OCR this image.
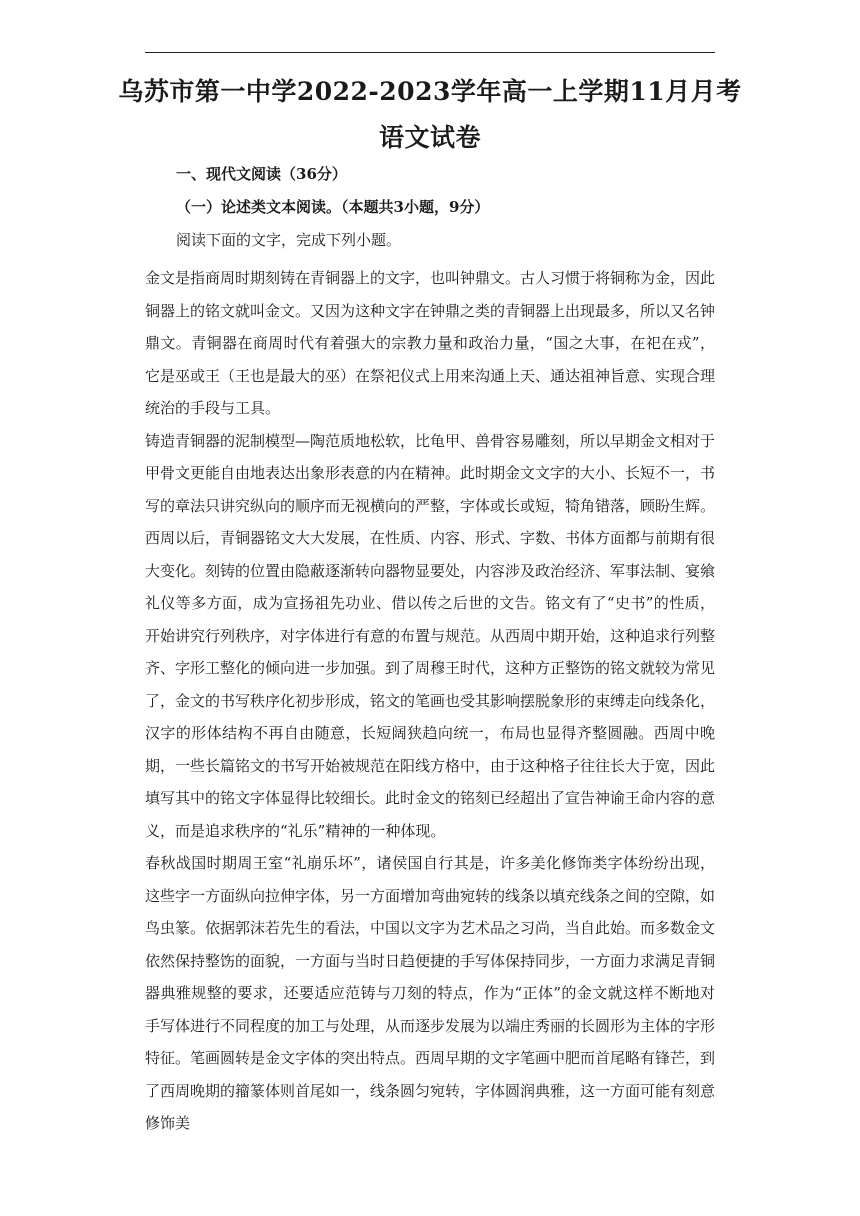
乌苏市第一中学2022-2023学年高一上学期11月月考
语文试卷

一、现代文阅读（36分）

（一）论述类文本阅读。（本题共3小题，9分）

阅读下面的文字，完成下列小题。

金文是指商周时期刻铸在青铜器上的文字，也叫钟鼎文。古人习惯于将铜称为金，因此铜器上的铭文就叫金文。又因为这种文字在钟鼎之类的青铜器上出现最多，所以又名钟鼎文。青铜器在商周时代有着强大的宗教力量和政治力量，“国之大事，在祀在戎”，它是巫或王（王也是最大的巫）在祭祀仪式上用来沟通上天、通达祖神旨意、实现合理统治的手段与工具。

铸造青铜器的泥制模型—陶范质地松软，比龟甲、兽骨容易雕刻，所以早期金文相对于甲骨文更能自由地表达出象形表意的内在精神。此时期金文文字的大小、长短不一，书写的章法只讲究纵向的顺序而无视横向的严整，字体或长或短，犄角错落，顾盼生辉。西周以后，青铜器铭文大大发展，在性质、内容、形式、字数、书体方面都与前期有很大变化。刻铸的位置由隐蔽逐渐转向器物显要处，内容涉及政治经济、军事法制、宴飨礼仪等多方面，成为宣扬祖先功业、借以传之后世的文告。铭文有了“史书”的性质，开始讲究行列秩序，对字体进行有意的布置与规范。从西周中期开始，这种追求行列整齐、字形工整化的倾向进一步加强。到了周穆王时代，这种方正整饬的铭文就较为常见了，金文的书写秩序化初步形成，铭文的笔画也受其影响摆脱象形的束缚走向线条化，汉字的形体结构不再自由随意，长短阔狭趋向统一，布局也显得齐整圆融。西周中晚期，一些长篇铭文的书写开始被规范在阳线方格中，由于这种格子往往长大于宽，因此填写其中的铭文字体显得比较细长。此时金文的铭刻已经超出了宣告神谕王命内容的意义，而是追求秩序的“礼乐”精神的一种体现。

春秋战国时期周王室“礼崩乐坏”，诸侯国自行其是，许多美化修饰类字体纷纷出现，这些字一方面纵向拉伸字体，另一方面增加弯曲宛转的线条以填充线条之间的空隙，如鸟虫篆。依据郭沫若先生的看法，中国以文字为艺术品之习尚，当自此始。而多数金文依然保持整饬的面貌，一方面与当时日趋便捷的手写体保持同步，一方面力求满足青铜器典雅规整的要求，还要适应范铸与刀刻的特点，作为“正体”的金文就这样不断地对手写体进行不同程度的加工与处理，从而逐步发展为以端庄秀丽的长圆形为主体的字形特征。笔画圆转是金文字体的突出特点。西周早期的文字笔画中肥而首尾略有锋芒，到了西周晚期的籀篆体则首尾如一，线条圆匀宛转，字体圆润典雅，这一方面可能有刻意修饰美
